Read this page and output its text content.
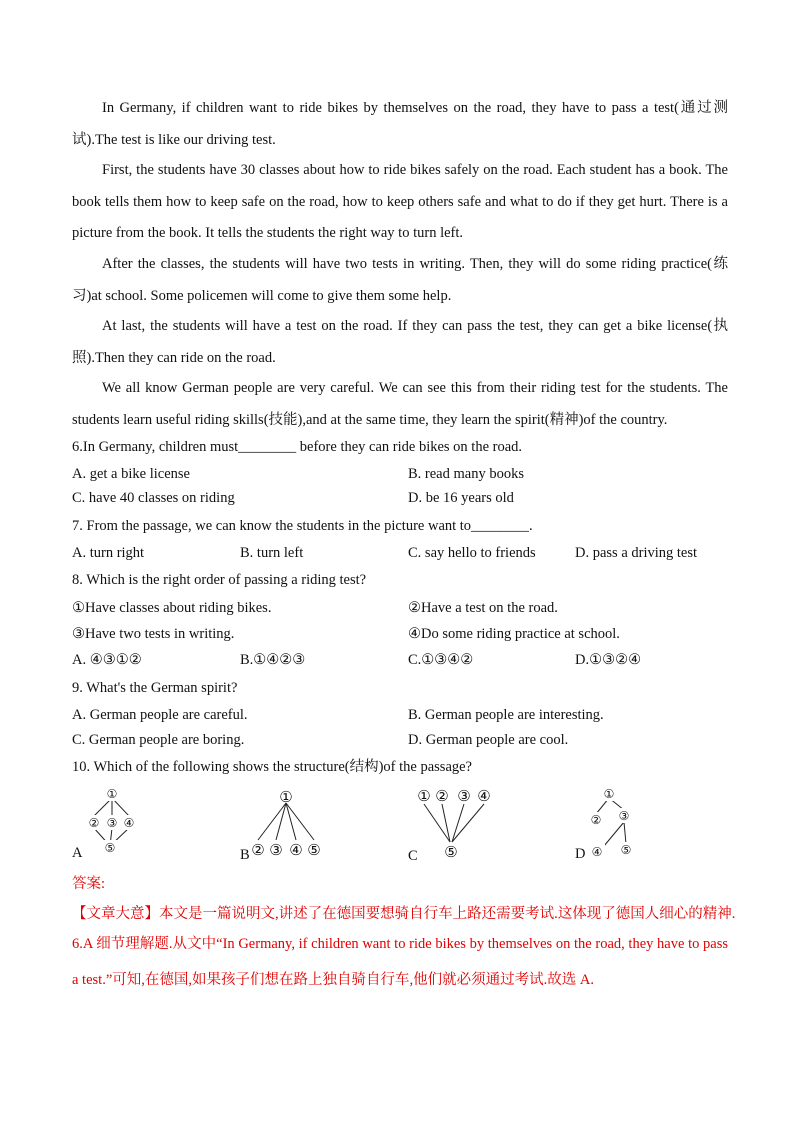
In Germany, if children want to ride bikes by themselves on the road, they have to pass a test(通过测试).The test is like our driving test.
First, the students have 30 classes about how to ride bikes safely on the road. Each student has a book. The book tells them how to keep safe on the road, how to keep others safe and what to do if they get hurt. There is a picture from the book. It tells the students the right way to turn left.
After the classes, the students will have two tests in writing. Then, they will do some riding practice(练习)at school. Some policemen will come to give them some help.
At last, the students will have a test on the road. If they can pass the test, they can get a bike license(执照).Then they can ride on the road.
We all know German people are very careful. We can see this from their riding test for the students. The students learn useful riding skills(技能),and at the same time, they learn the spirit(精神)of the country.
6.In Germany, children must________ before they can ride bikes on the road.
A. get a bike license	B. read many books
C. have 40 classes on riding	D. be 16 years old
7. From the passage, we can know the students in the picture want to________.
A. turn right	B. turn left	C. say hello to friends	D. pass a driving test
8. Which is the right order of passing a riding test?
①Have classes about riding bikes.	②Have a test on the road.
③Have two tests in writing.	④Do some riding practice at school.
A. ④③①②	B.①④②③	C.①③④②	D.①③②④
9. What's the German spirit?
A. German people are careful.	B. German people are interesting.
C. German people are boring.	D. German people are cool.
10. Which of the following shows the structure(结构)of the passage?
①
② ③ ④
⑤
A
①
② ③ ④ ⑤
B
① ② ③ ④
⑤
C
①
② ③
④ ⑤
D
答案:
【文章大意】本文是一篇说明文,讲述了在德国要想骑自行车上路还需要考试.这体现了德国人细心的精神.
6.A 细节理解题.从文中“In Germany, if children want to ride bikes by themselves on the road, they have to pass a test.”可知,在德国,如果孩子们想在路上独自骑自行车,他们就必须通过考试.故选 A.
